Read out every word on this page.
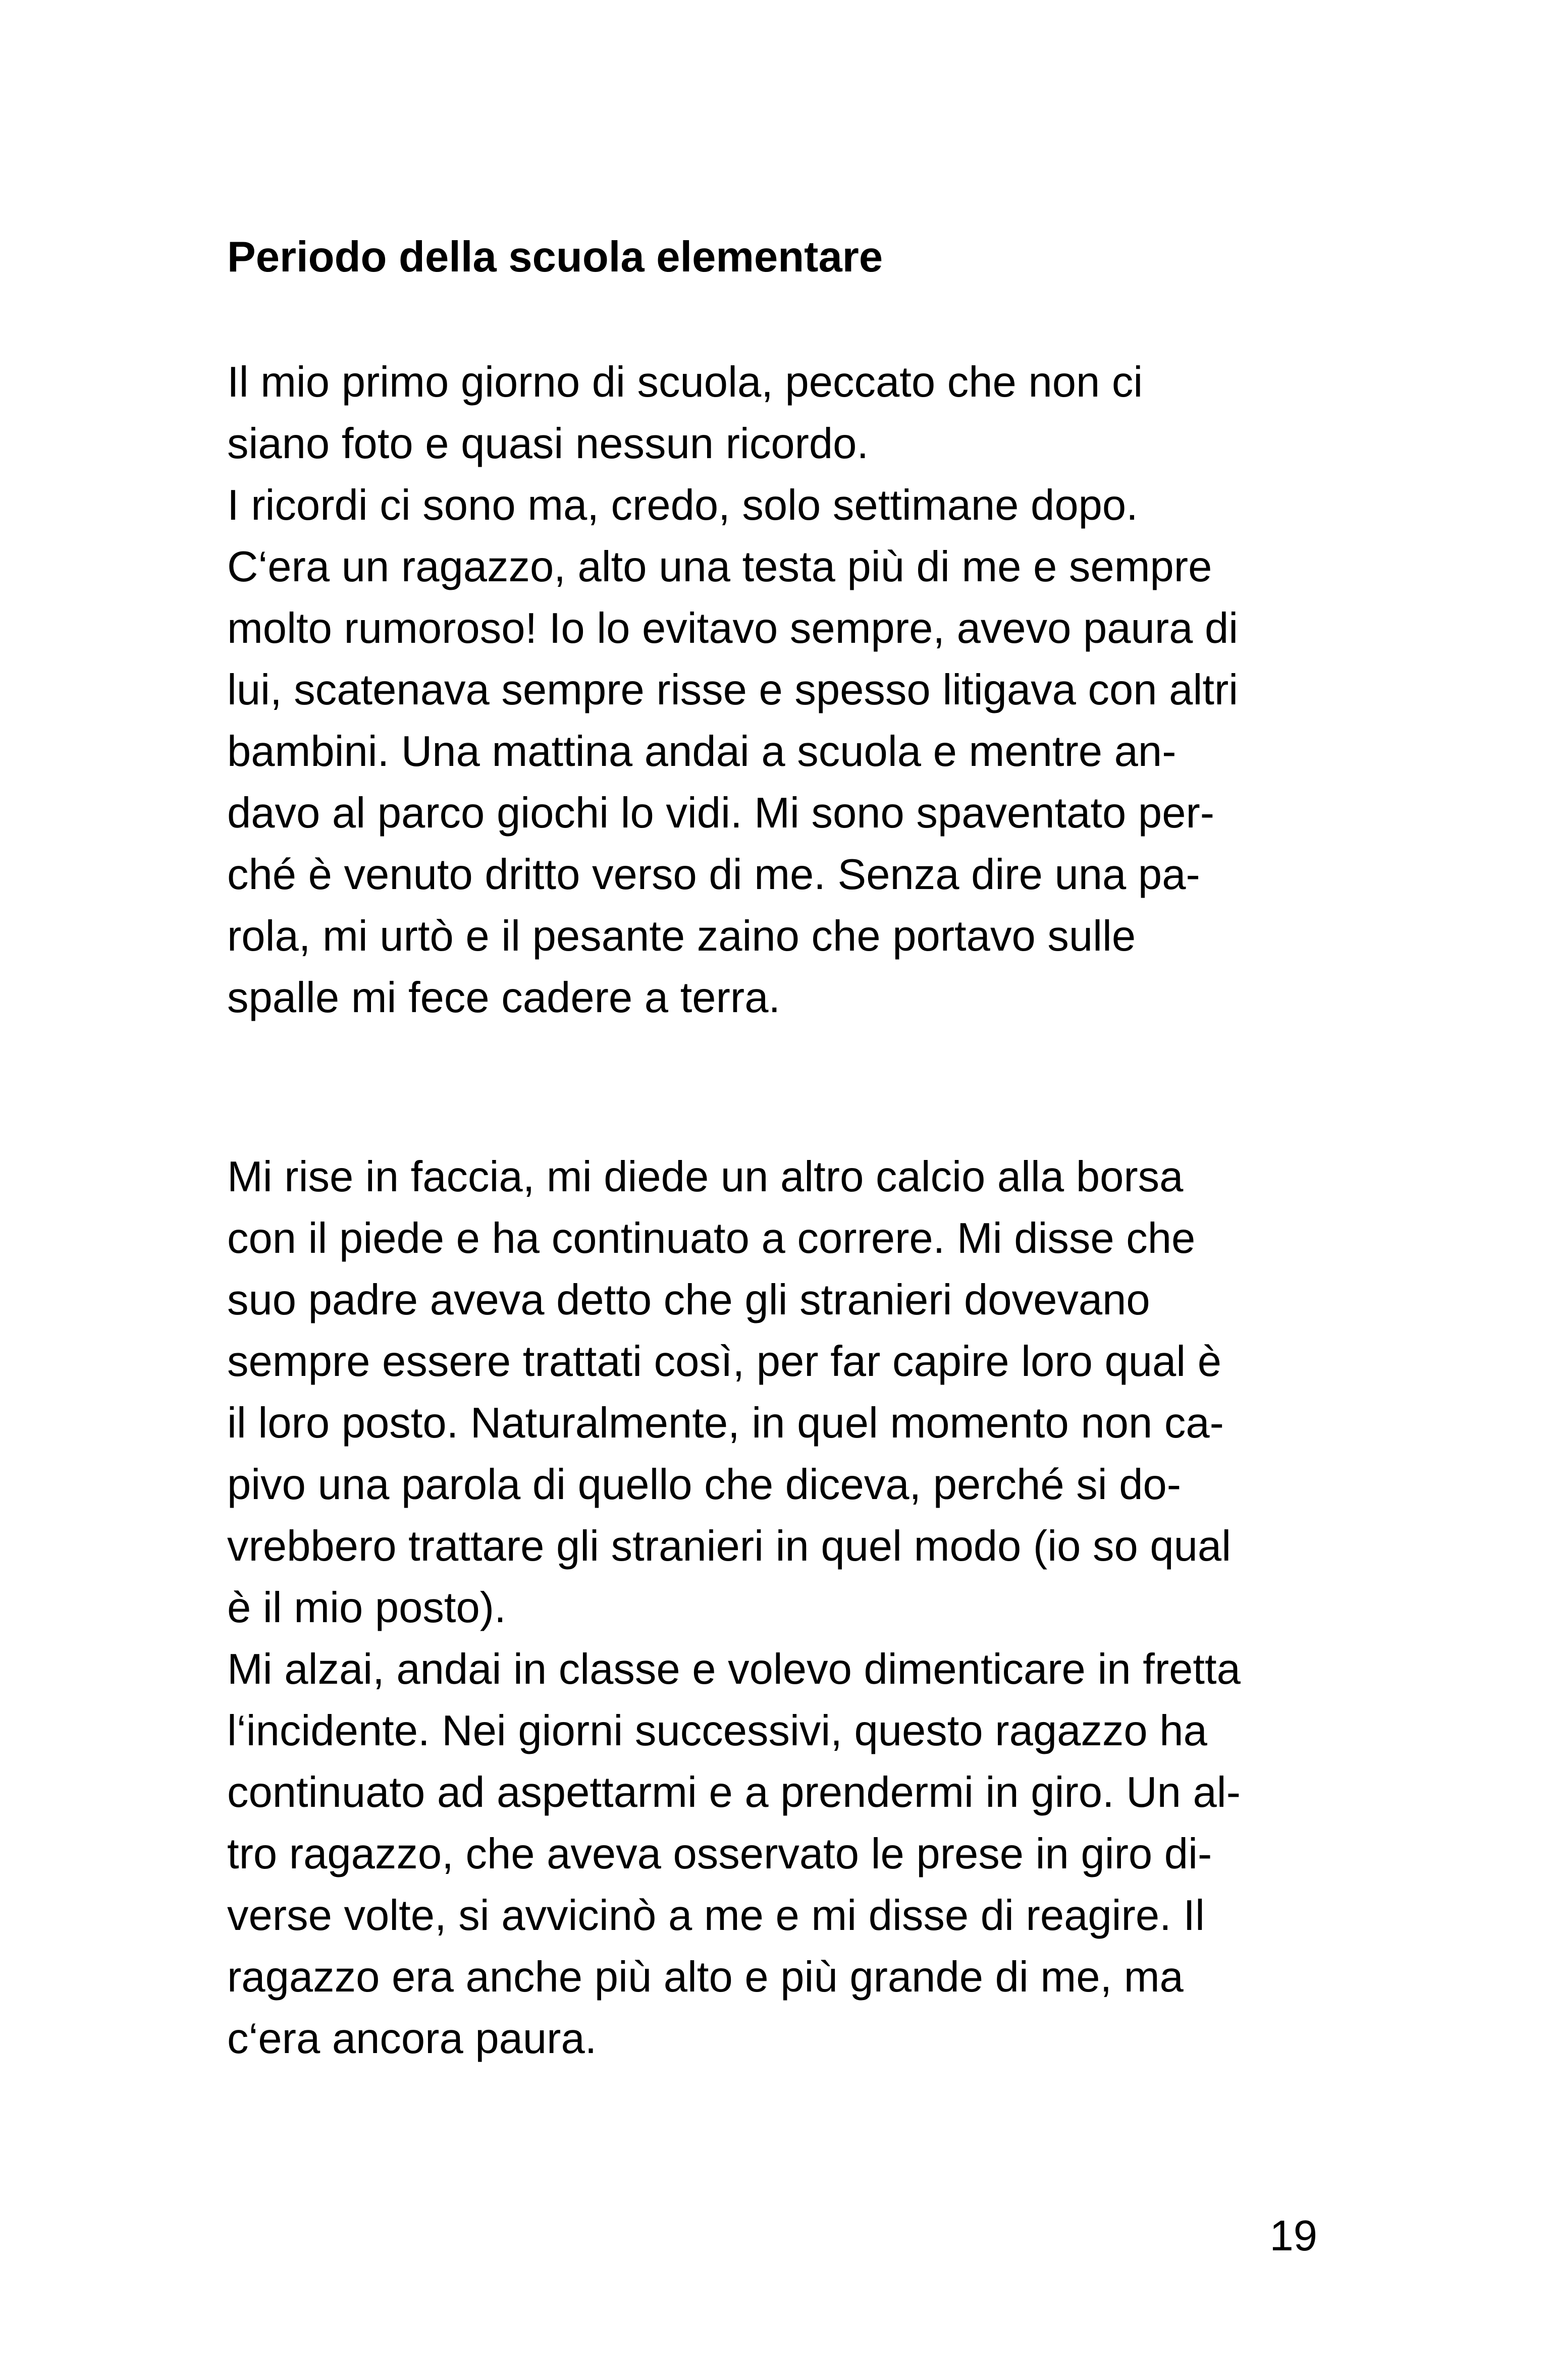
Periodo della scuola elementare
Il mio primo giorno di scuola, peccato che non ci
siano foto e quasi nessun ricordo.
I ricordi ci sono ma, credo, solo settimane dopo.
C‘era un ragazzo, alto una testa più di me e sempre
molto rumoroso! Io lo evitavo sempre, avevo paura di
lui, scatenava sempre risse e spesso litigava con altri
bambini. Una mattina andai a scuola e mentre an-
davo al parco giochi lo vidi. Mi sono spaventato per-
ché è venuto dritto verso di me. Senza dire una pa-
rola, mi urtò e il pesante zaino che portavo sulle
spalle mi fece cadere a terra.
Mi rise in faccia, mi diede un altro calcio alla borsa
con il piede e ha continuato a correre. Mi disse che
suo padre aveva detto che gli stranieri dovevano
sempre essere trattati così, per far capire loro qual è
il loro posto. Naturalmente, in quel momento non ca-
pivo una parola di quello che diceva, perché si do-
vrebbero trattare gli stranieri in quel modo (io so qual
è il mio posto).
Mi alzai, andai in classe e volevo dimenticare in fretta
l‘incidente. Nei giorni successivi, questo ragazzo ha
continuato ad aspettarmi e a prendermi in giro. Un al-
tro ragazzo, che aveva osservato le prese in giro di-
verse volte, si avvicinò a me e mi disse di reagire. Il
ragazzo era anche più alto e più grande di me, ma
c‘era ancora paura.
19
